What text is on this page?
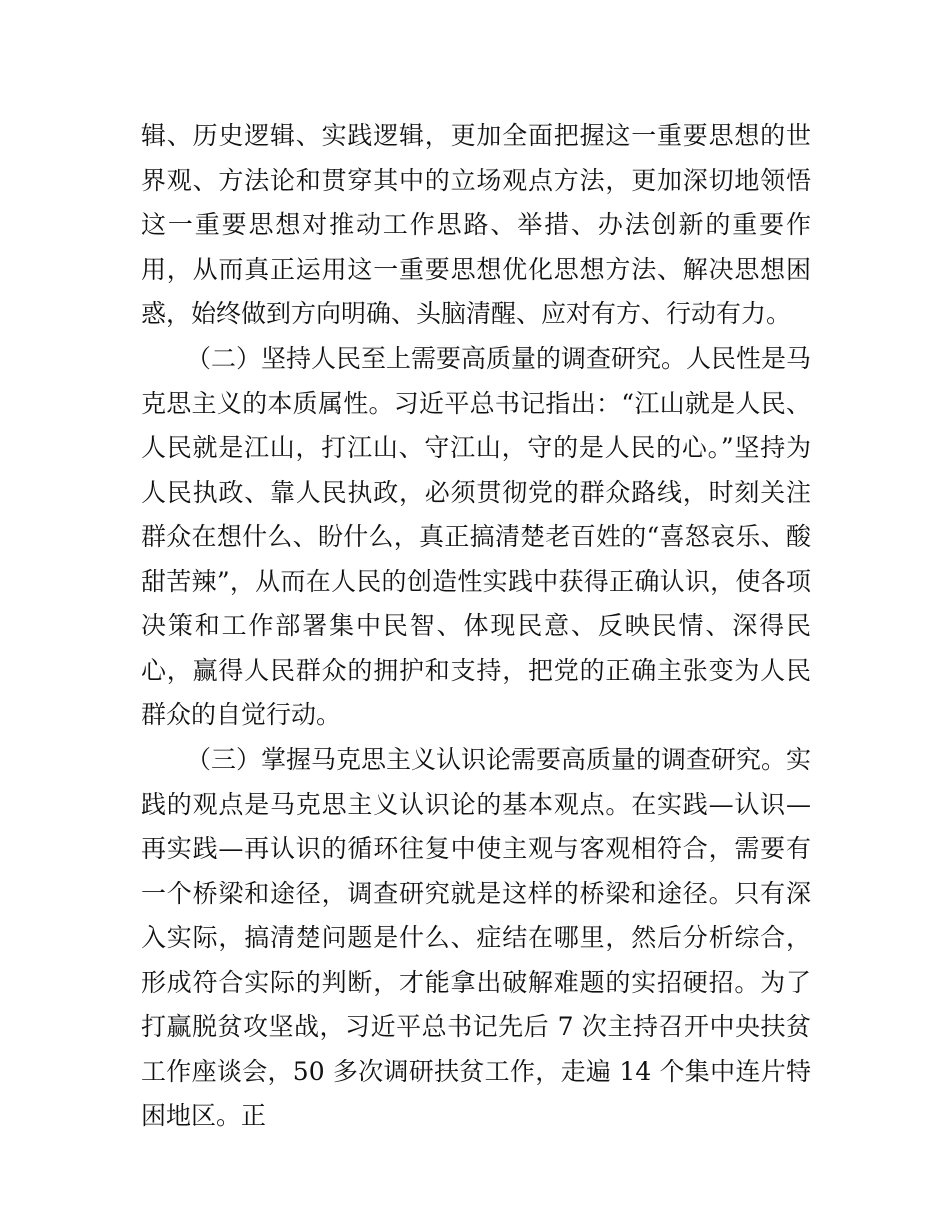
辑、历史逻辑、实践逻辑，更加全面把握这一重要思想的世界观、方法论和贯穿其中的立场观点方法，更加深切地领悟这一重要思想对推动工作思路、举措、办法创新的重要作用，从而真正运用这一重要思想优化思想方法、解决思想困惑，始终做到方向明确、头脑清醒、应对有方、行动有力。

（二）坚持人民至上需要高质量的调查研究。人民性是马克思主义的本质属性。习近平总书记指出：“江山就是人民、人民就是江山，打江山、守江山，守的是人民的心。”坚持为人民执政、靠人民执政，必须贯彻党的群众路线，时刻关注群众在想什么、盼什么，真正搞清楚老百姓的“喜怒哀乐、酸甜苦辣”，从而在人民的创造性实践中获得正确认识，使各项决策和工作部署集中民智、体现民意、反映民情、深得民心，赢得人民群众的拥护和支持，把党的正确主张变为人民群众的自觉行动。

（三）掌握马克思主义认识论需要高质量的调查研究。实践的观点是马克思主义认识论的基本观点。在实践—认识—再实践—再认识的循环往复中使主观与客观相符合，需要有一个桥梁和途径，调查研究就是这样的桥梁和途径。只有深入实际，搞清楚问题是什么、症结在哪里，然后分析综合，形成符合实际的判断，才能拿出破解难题的实招硬招。为了打赢脱贫攻坚战，习近平总书记先后 7 次主持召开中央扶贫工作座谈会，50 多次调研扶贫工作，走遍 14 个集中连片特困地区。正
